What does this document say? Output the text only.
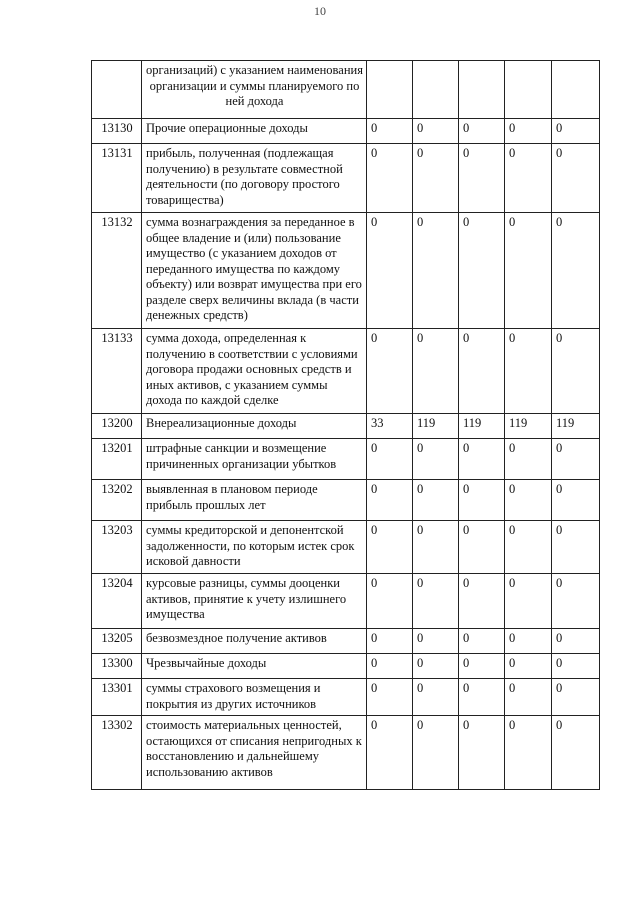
10
	организаций) с указанием наименования организации и суммы планируемого по ней дохода					
13130	Прочие операционные доходы	0	0	0	0	0
13131	прибыль, полученная (подлежащая получению) в результате совместной деятельности (по договору простого товарищества)	0	0	0	0	0
13132	сумма вознаграждения за переданное в общее владение и (или) пользование имущество (с указанием доходов от переданного имущества по каждому объекту) или возврат имущества при его разделе сверх величины вклада (в части денежных средств)	0	0	0	0	0
13133	сумма дохода, определенная к получению в соответствии с условиями договора продажи основных средств и иных активов, с указанием суммы дохода по каждой сделке	0	0	0	0	0
13200	Внереализационные доходы	33	119	119	119	119
13201	штрафные санкции и возмещение причиненных организации убытков	0	0	0	0	0
13202	выявленная в плановом периоде прибыль прошлых лет	0	0	0	0	0
13203	суммы кредиторской и депонентской задолженности, по которым истек срок исковой давности	0	0	0	0	0
13204	курсовые разницы, суммы дооценки активов, принятие к учету излишнего имущества	0	0	0	0	0
13205	безвозмездное получение активов	0	0	0	0	0
13300	Чрезвычайные доходы	0	0	0	0	0
13301	суммы страхового возмещения и покрытия из других источников	0	0	0	0	0
13302	стоимость материальных ценностей, остающихся от списания непригодных к восстановлению и дальнейшему использованию активов	0	0	0	0	0
